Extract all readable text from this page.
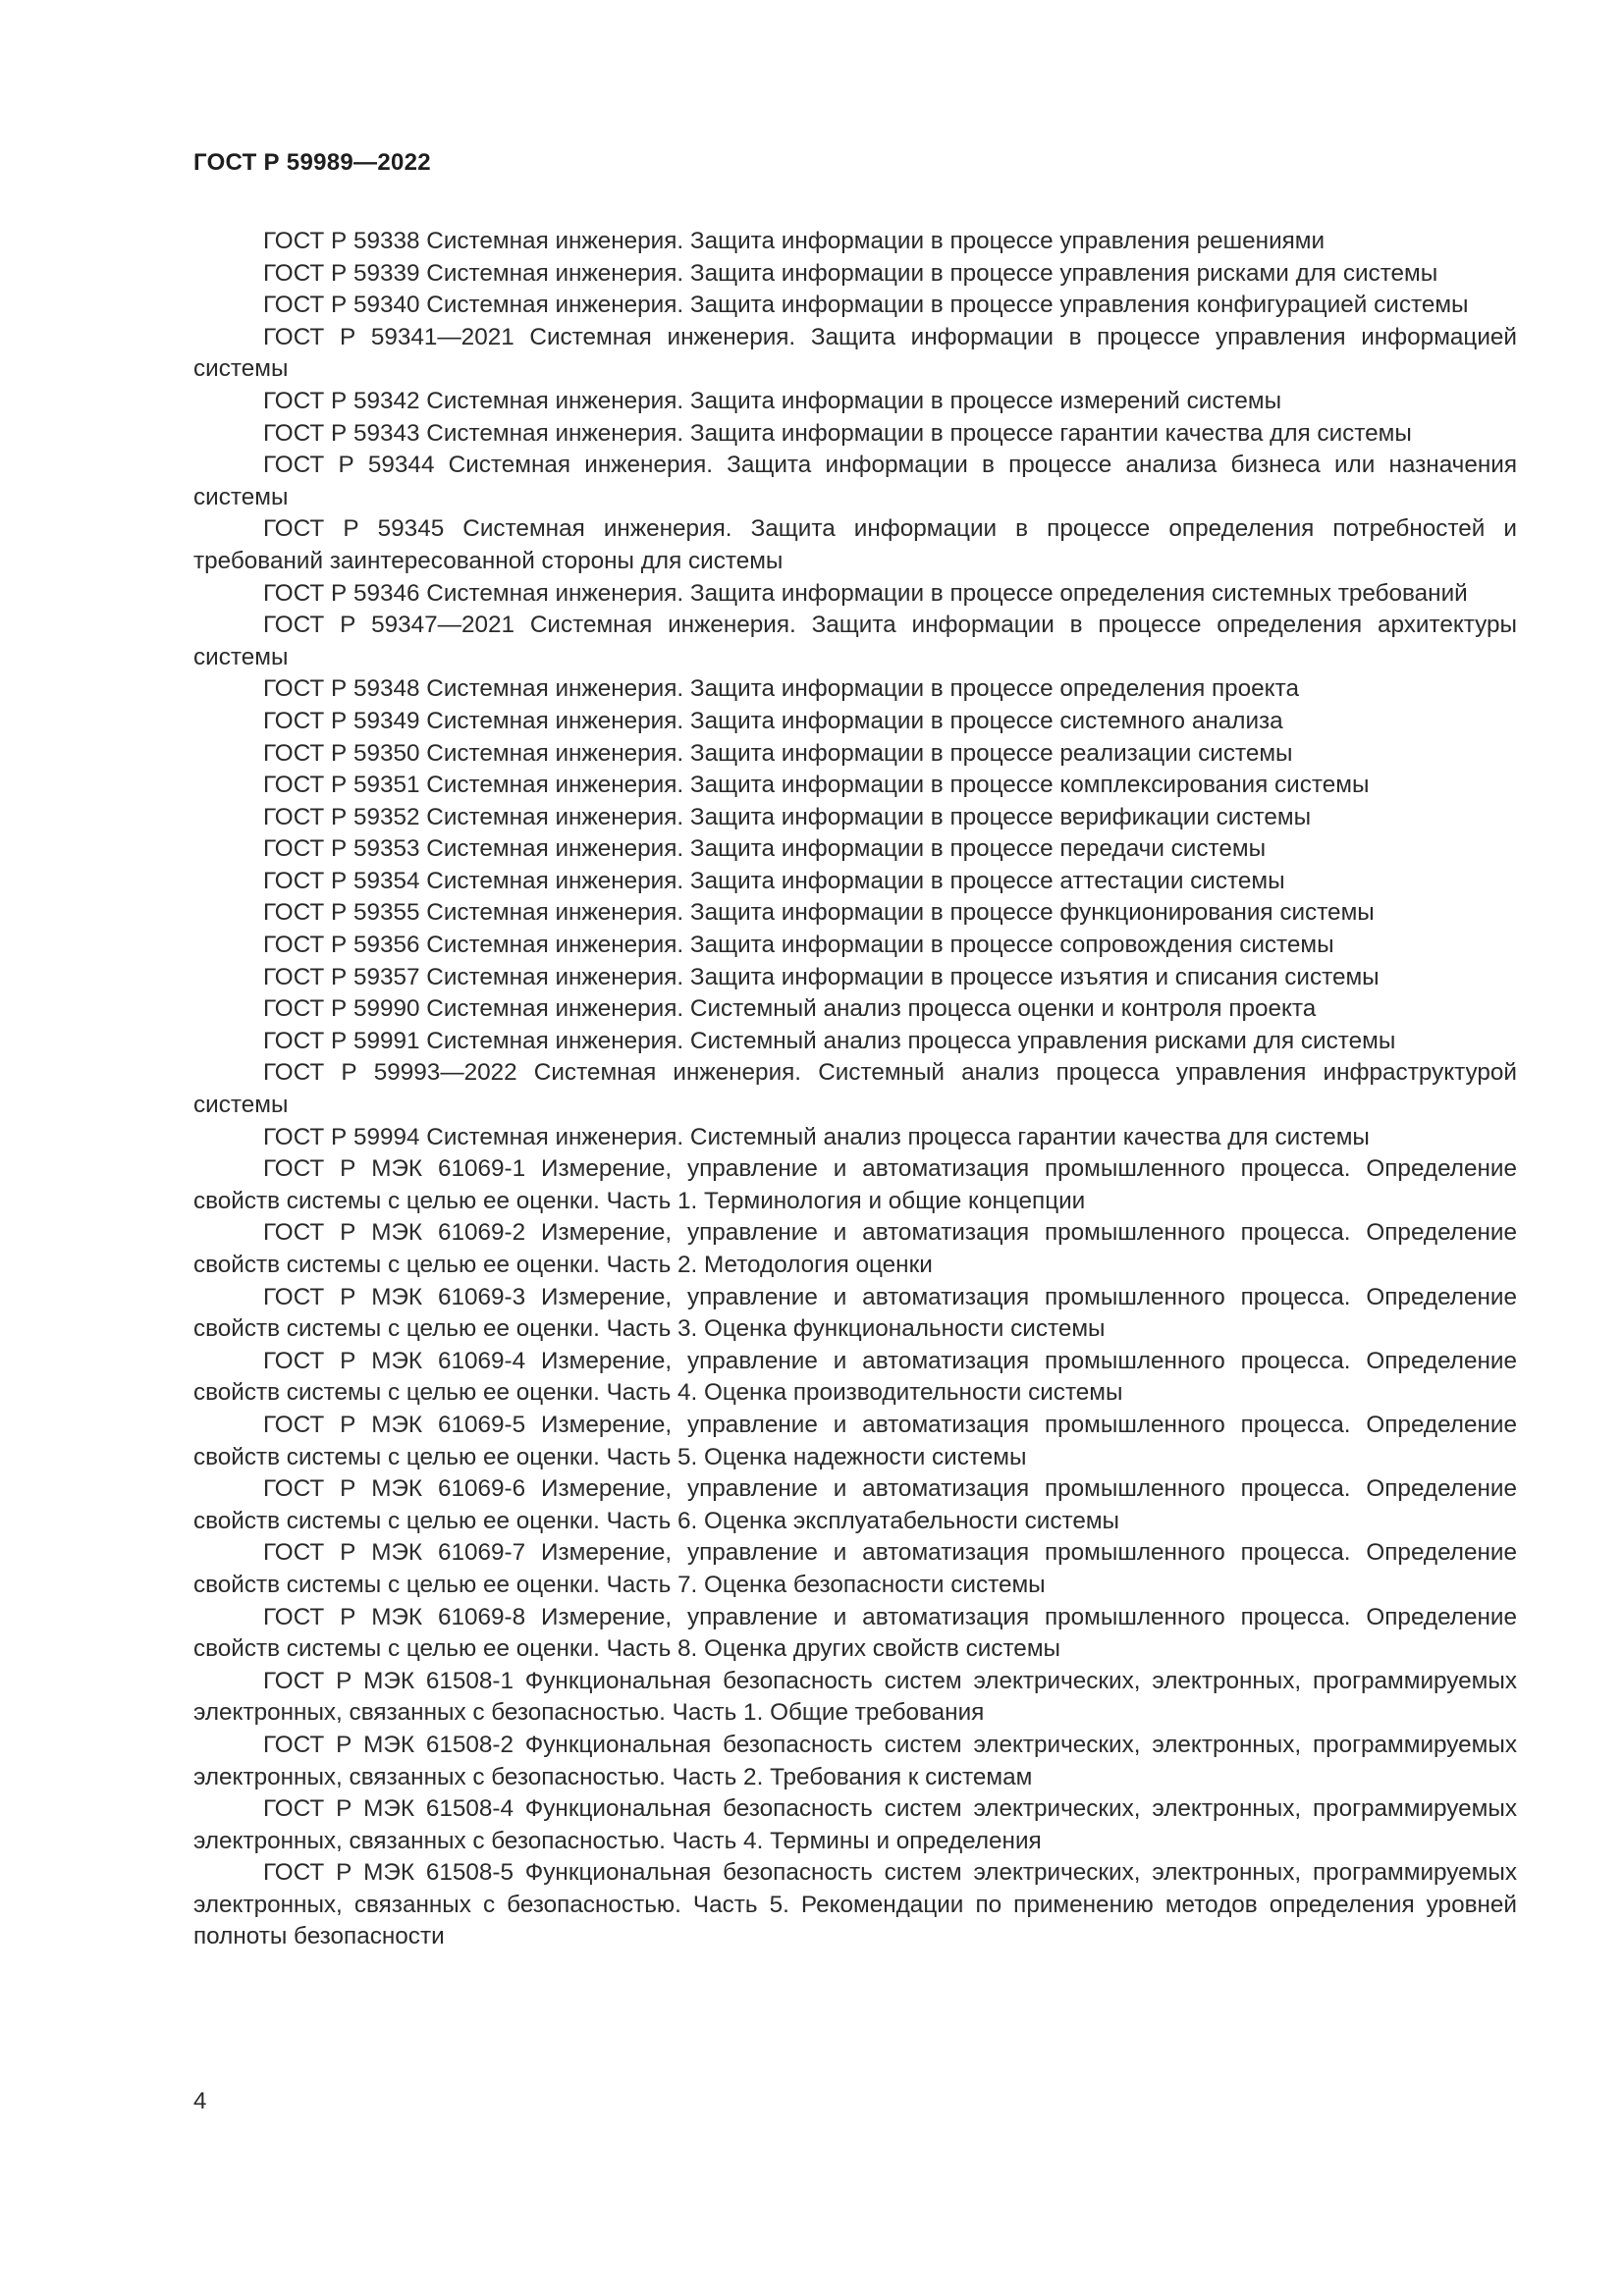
ГОСТ Р 59989—2022
ГОСТ Р 59338 Системная инженерия. Защита информации в процессе управления решениями
ГОСТ Р 59339 Системная инженерия. Защита информации в процессе управления рисками для системы
ГОСТ Р 59340 Системная инженерия. Защита информации в процессе управления конфигурацией системы
ГОСТ Р 59341—2021 Системная инженерия. Защита информации в процессе управления информацией системы
ГОСТ Р 59342 Системная инженерия. Защита информации в процессе измерений системы
ГОСТ Р 59343 Системная инженерия. Защита информации в процессе гарантии качества для системы
ГОСТ Р 59344 Системная инженерия. Защита информации в процессе анализа бизнеса или назначения системы
ГОСТ Р 59345 Системная инженерия. Защита информации в процессе определения потребностей и требований заинтересованной стороны для системы
ГОСТ Р 59346 Системная инженерия. Защита информации в процессе определения системных требований
ГОСТ Р 59347—2021 Системная инженерия. Защита информации в процессе определения архитектуры системы
ГОСТ Р 59348 Системная инженерия. Защита информации в процессе определения проекта
ГОСТ Р 59349 Системная инженерия. Защита информации в процессе системного анализа
ГОСТ Р 59350 Системная инженерия. Защита информации в процессе реализации системы
ГОСТ Р 59351 Системная инженерия. Защита информации в процессе комплексирования системы
ГОСТ Р 59352 Системная инженерия. Защита информации в процессе верификации системы
ГОСТ Р 59353 Системная инженерия. Защита информации в процессе передачи системы
ГОСТ Р 59354 Системная инженерия. Защита информации в процессе аттестации системы
ГОСТ Р 59355 Системная инженерия. Защита информации в процессе функционирования системы
ГОСТ Р 59356 Системная инженерия. Защита информации в процессе сопровождения системы
ГОСТ Р 59357 Системная инженерия. Защита информации в процессе изъятия и списания системы
ГОСТ Р 59990 Системная инженерия. Системный анализ процесса оценки и контроля проекта
ГОСТ Р 59991 Системная инженерия. Системный анализ процесса управления рисками для системы
ГОСТ Р 59993—2022 Системная инженерия. Системный анализ процесса управления инфраструктурой системы
ГОСТ Р 59994 Системная инженерия. Системный анализ процесса гарантии качества для системы
ГОСТ Р МЭК 61069-1 Измерение, управление и автоматизация промышленного процесса. Определение свойств системы с целью ее оценки. Часть 1. Терминология и общие концепции
ГОСТ Р МЭК 61069-2 Измерение, управление и автоматизация промышленного процесса. Определение свойств системы с целью ее оценки. Часть 2. Методология оценки
ГОСТ Р МЭК 61069-3 Измерение, управление и автоматизация промышленного процесса. Определение свойств системы с целью ее оценки. Часть 3. Оценка функциональности системы
ГОСТ Р МЭК 61069-4 Измерение, управление и автоматизация промышленного процесса. Определение свойств системы с целью ее оценки. Часть 4. Оценка производительности системы
ГОСТ Р МЭК 61069-5 Измерение, управление и автоматизация промышленного процесса. Определение свойств системы с целью ее оценки. Часть 5. Оценка надежности системы
ГОСТ Р МЭК 61069-6 Измерение, управление и автоматизация промышленного процесса. Определение свойств системы с целью ее оценки. Часть 6. Оценка эксплуатабельности системы
ГОСТ Р МЭК 61069-7 Измерение, управление и автоматизация промышленного процесса. Определение свойств системы с целью ее оценки. Часть 7. Оценка безопасности системы
ГОСТ Р МЭК 61069-8 Измерение, управление и автоматизация промышленного процесса. Определение свойств системы с целью ее оценки. Часть 8. Оценка других свойств системы
ГОСТ Р МЭК 61508-1 Функциональная безопасность систем электрических, электронных, программируемых электронных, связанных с безопасностью. Часть 1. Общие требования
ГОСТ Р МЭК 61508-2 Функциональная безопасность систем электрических, электронных, программируемых электронных, связанных с безопасностью. Часть 2. Требования к системам
ГОСТ Р МЭК 61508-4 Функциональная безопасность систем электрических, электронных, программируемых электронных, связанных с безопасностью. Часть 4. Термины и определения
ГОСТ Р МЭК 61508-5 Функциональная безопасность систем электрических, электронных, программируемых электронных, связанных с безопасностью. Часть 5. Рекомендации по применению методов определения уровней полноты безопасности
4
